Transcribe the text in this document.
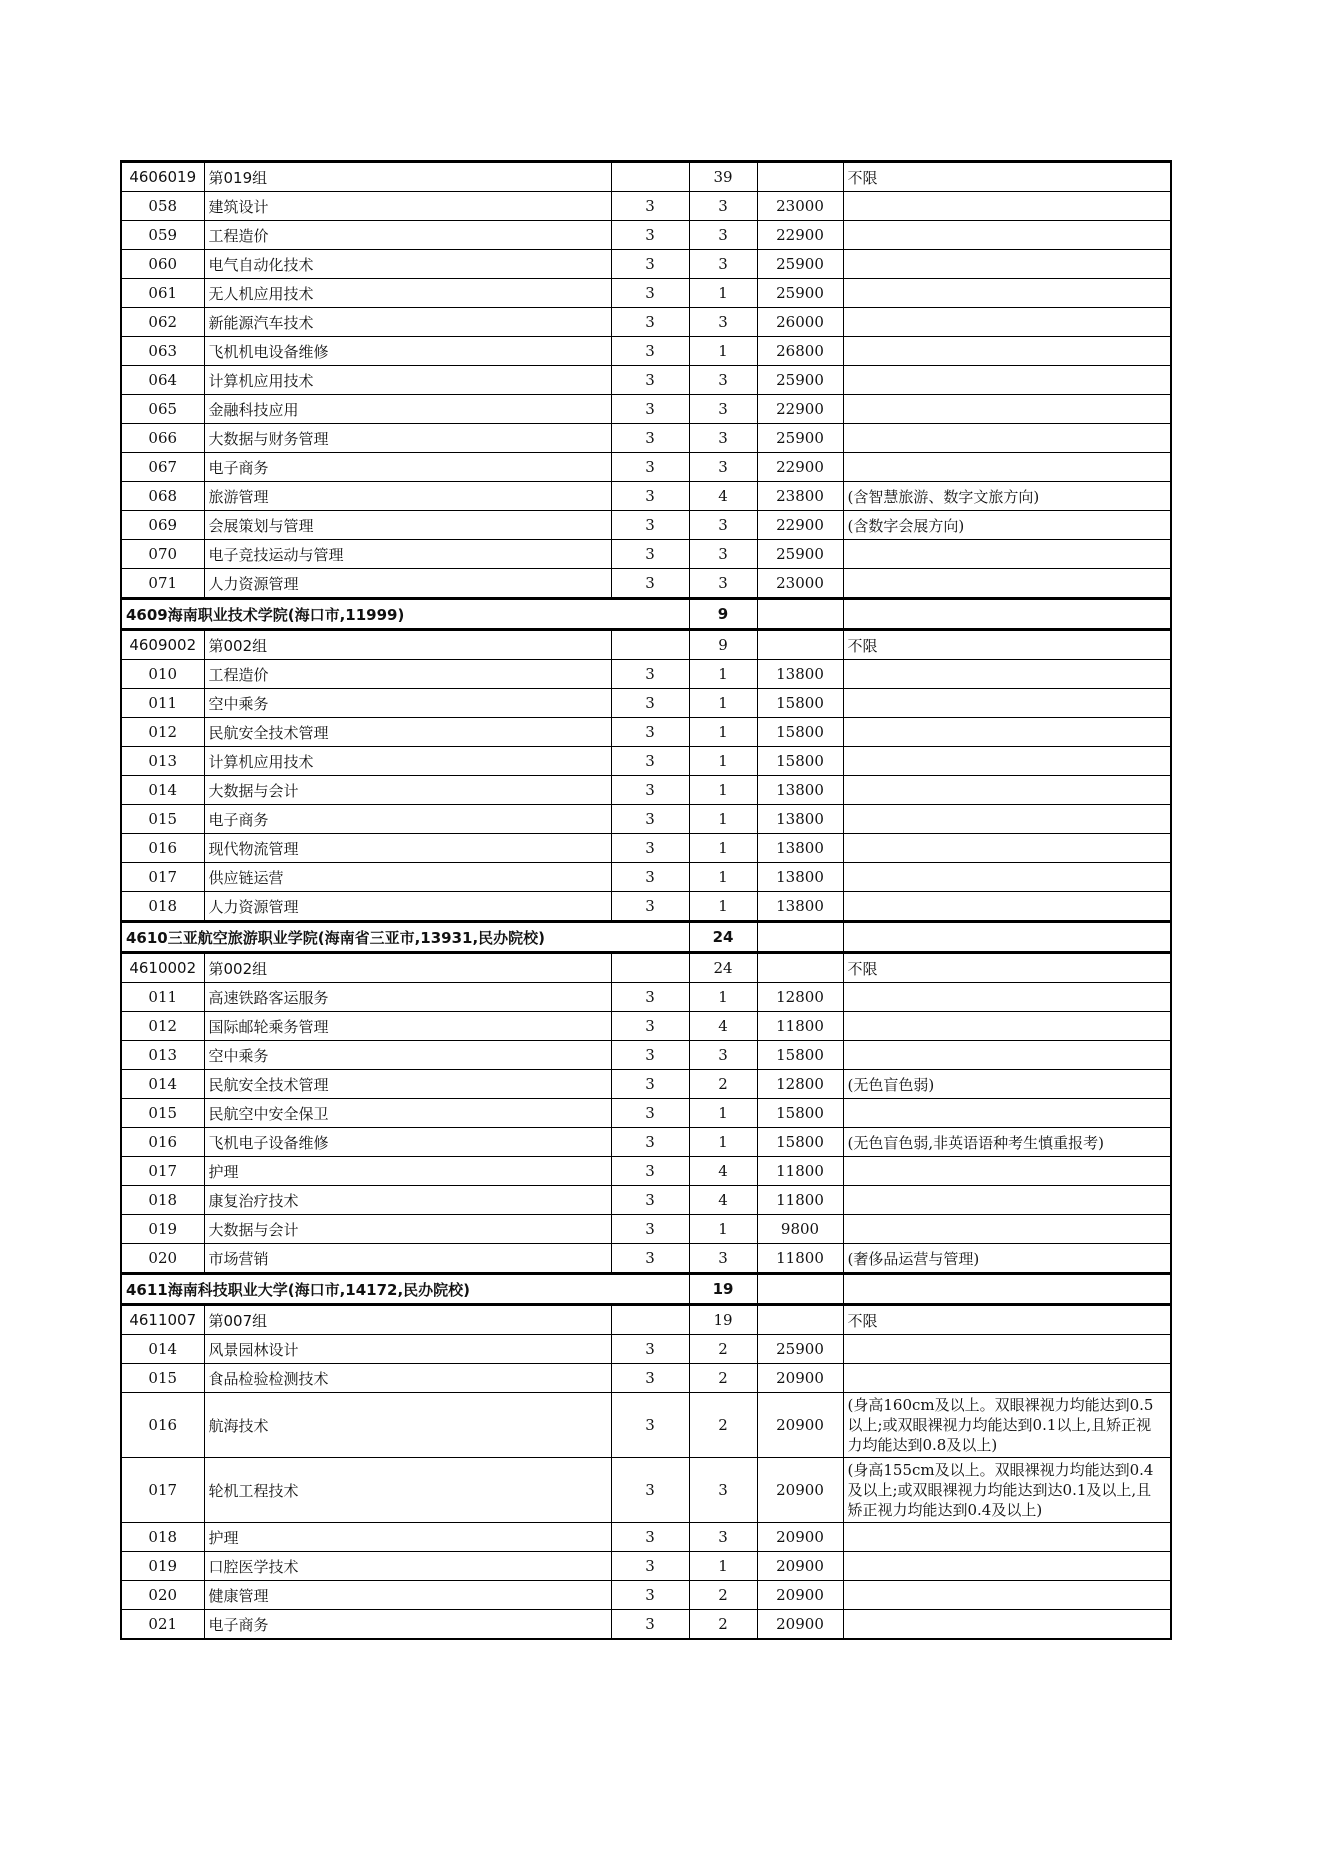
4606019	第019组		39		不限
058	建筑设计	3	3	23000	
059	工程造价	3	3	22900	
060	电气自动化技术	3	3	25900	
061	无人机应用技术	3	1	25900	
062	新能源汽车技术	3	3	26000	
063	飞机机电设备维修	3	1	26800	
064	计算机应用技术	3	3	25900	
065	金融科技应用	3	3	22900	
066	大数据与财务管理	3	3	25900	
067	电子商务	3	3	22900	
068	旅游管理	3	4	23800	(含智慧旅游、数字文旅方向)
069	会展策划与管理	3	3	22900	(含数字会展方向)
070	电子竞技运动与管理	3	3	25900	
071	人力资源管理	3	3	23000	
4609海南职业技术学院(海口市,11999)			9		
4609002	第002组		9		不限
010	工程造价	3	1	13800	
011	空中乘务	3	1	15800	
012	民航安全技术管理	3	1	15800	
013	计算机应用技术	3	1	15800	
014	大数据与会计	3	1	13800	
015	电子商务	3	1	13800	
016	现代物流管理	3	1	13800	
017	供应链运营	3	1	13800	
018	人力资源管理	3	1	13800	
4610三亚航空旅游职业学院(海南省三亚市,13931,民办院校)			24		
4610002	第002组		24		不限
011	高速铁路客运服务	3	1	12800	
012	国际邮轮乘务管理	3	4	11800	
013	空中乘务	3	3	15800	
014	民航安全技术管理	3	2	12800	(无色盲色弱)
015	民航空中安全保卫	3	1	15800	
016	飞机电子设备维修	3	1	15800	(无色盲色弱,非英语语种考生慎重报考)
017	护理	3	4	11800	
018	康复治疗技术	3	4	11800	
019	大数据与会计	3	1	9800	
020	市场营销	3	3	11800	(奢侈品运营与管理)
4611海南科技职业大学(海口市,14172,民办院校)			19		
4611007	第007组		19		不限
014	风景园林设计	3	2	25900	
015	食品检验检测技术	3	2	20900	
016	航海技术	3	2	20900	(身高160cm及以上。双眼裸视力均能达到0.5以上;或双眼裸视力均能达到0.1以上,且矫正视力均能达到0.8及以上)
017	轮机工程技术	3	3	20900	(身高155cm及以上。双眼裸视力均能达到0.4及以上;或双眼裸视力均能达到达0.1及以上,且矫正视力均能达到0.4及以上)
018	护理	3	3	20900	
019	口腔医学技术	3	1	20900	
020	健康管理	3	2	20900	
021	电子商务	3	2	20900	
